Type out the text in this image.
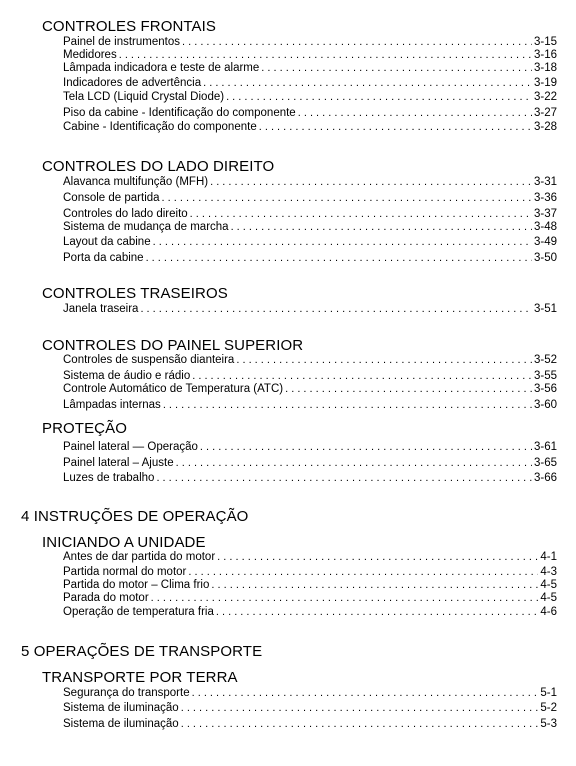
CONTROLES FRONTAIS
Painel de instrumentos . . .	3-15
Medidores . . .	3-16
Lâmpada indicadora e teste de alarme . . .	3-18
Indicadores de advertência . . .	3-19
Tela LCD (Liquid Crystal Diode) . . .	3-22
Piso da cabine - Identificação do componente . . .	3-27
Cabine - Identificação do componente . . .	3-28
CONTROLES DO LADO DIREITO
Alavanca multifunção (MFH) . . .	3-31
Console de partida . . .	3-36
Controles do lado direito . . .	3-37
Sistema de mudança de marcha . . .	3-48
Layout da cabine . . .	3-49
Porta da cabine . . .	3-50
CONTROLES TRASEIROS
Janela traseira . . .	3-51
CONTROLES DO PAINEL SUPERIOR
Controles de suspensão dianteira . . .	3-52
Sistema de áudio e rádio . . .	3-55
Controle Automático de Temperatura (ATC) . . .	3-56
Lâmpadas internas . . .	3-60
PROTEÇÃO
Painel lateral — Operação . . .	3-61
Painel lateral – Ajuste . . .	3-65
Luzes de trabalho . . .	3-66
4 INSTRUÇÕES DE OPERAÇÃO
INICIANDO A UNIDADE
Antes de dar partida do motor . . .	4-1
Partida normal do motor . . .	4-3
Partida do motor – Clima frio . . .	4-5
Parada do motor . . .	4-5
Operação de temperatura fria . . .	4-6
5 OPERAÇÕES DE TRANSPORTE
TRANSPORTE POR TERRA
Segurança do transporte . . .	5-1
Sistema de iluminação . . .	5-2
Sistema de iluminação . . .	5-3
